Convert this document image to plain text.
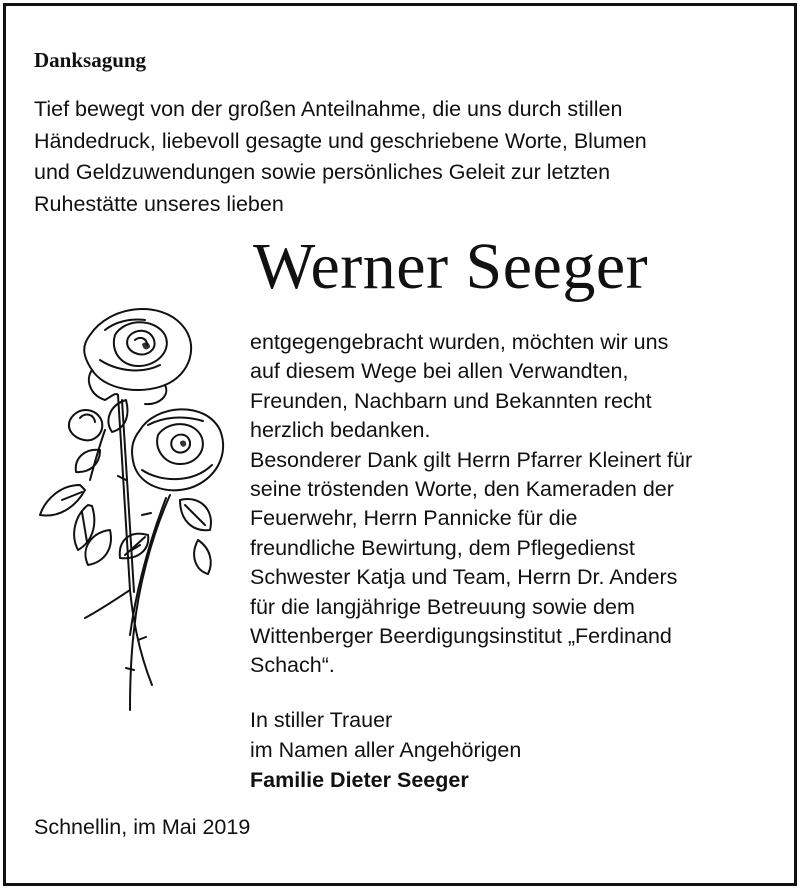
Danksagung
Tief bewegt von der großen Anteilnahme, die uns durch stillen
Händedruck, liebevoll gesagte und geschriebene Worte, Blumen
und Geldzuwendungen sowie persönliches Geleit zur letzten
Ruhestätte unseres lieben
Werner Seeger

entgegengebracht wurden, möchten wir uns

auf diesem Wege bei allen Verwandten,

Freunden, Nachbarn und Bekannten recht

herzlich bedanken.

Besonderer Dank gilt Herrn Pfarrer Kleinert für

seine tröstenden Worte, den Kameraden der

Feuerwehr, Herrn Pannicke für die

freundliche Bewirtung, dem Pflegedienst

Schwester Katja und Team, Herrn Dr. Anders

für die langjährige Betreuung sowie dem

Wittenberger Beerdigungsinstitut „Ferdinand

Schach“.

In stiller Trauer
im Namen aller Angehörigen
Familie Dieter Seeger
Schnellin, im Mai 2019
